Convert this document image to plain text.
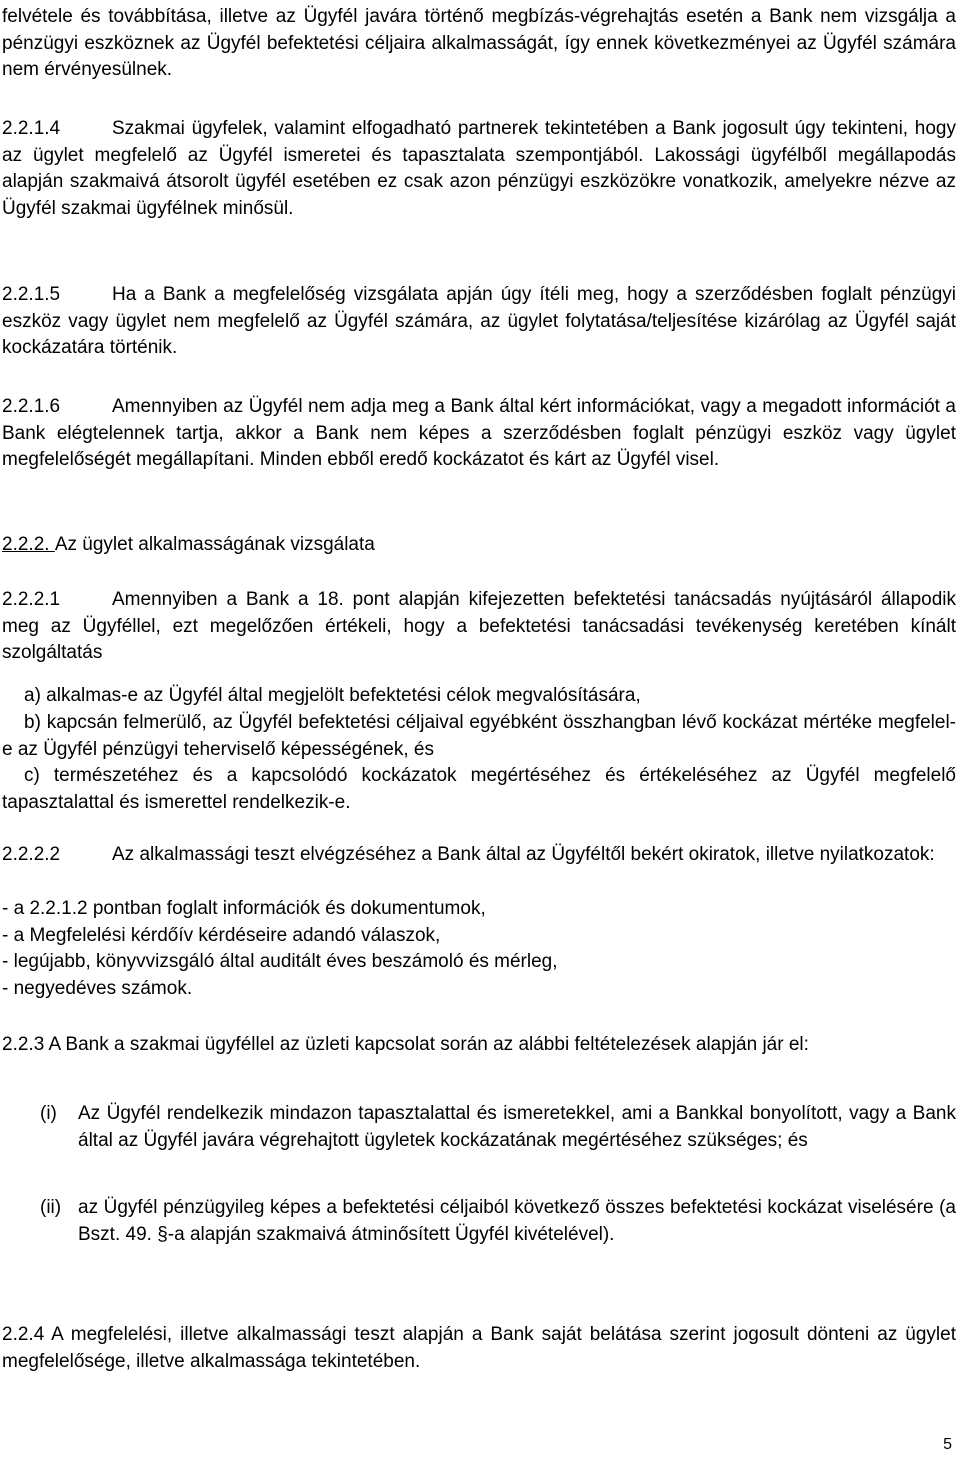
felvétele és továbbítása, illetve az Ügyfél javára történő megbízás-végrehajtás esetén a Bank nem vizsgálja a pénzügyi eszköznek az Ügyfél befektetési céljaira alkalmasságát, így ennek következményei az Ügyfél számára nem érvényesülnek.

2.2.1.4	Szakmai ügyfelek, valamint elfogadható partnerek tekintetében a Bank jogosult úgy tekinteni, hogy az ügylet megfelelő az Ügyfél ismeretei és tapasztalata szempontjából. Lakossági ügyfélből megállapodás alapján szakmaivá átsorolt ügyfél esetében ez csak azon pénzügyi eszközökre vonatkozik, amelyekre nézve az Ügyfél szakmai ügyfélnek minősül.

2.2.1.5	Ha a Bank a megfelelőség vizsgálata apján úgy ítéli meg, hogy a szerződésben foglalt pénzügyi eszköz vagy ügylet nem megfelelő az Ügyfél számára, az ügylet folytatása/teljesítése kizárólag az Ügyfél saját kockázatára történik.

2.2.1.6	Amennyiben az Ügyfél nem adja meg a Bank által kért információkat, vagy a megadott információt a Bank elégtelennek tartja, akkor a Bank nem képes a szerződésben foglalt pénzügyi eszköz vagy ügylet megfelelőségét megállapítani. Minden ebből eredő kockázatot és kárt az Ügyfél visel.

2.2.2. Az ügylet alkalmasságának vizsgálata

2.2.2.1	Amennyiben a Bank a 18. pont alapján kifejezetten befektetési tanácsadás nyújtásáról állapodik meg az Ügyféllel, ezt megelőzően értékeli, hogy a befektetési tanácsadási tevékenység keretében kínált szolgáltatás

a) alkalmas-e az Ügyfél által megjelölt befektetési célok megvalósítására,

b) kapcsán felmerülő, az Ügyfél befektetési céljaival egyébként összhangban lévő kockázat mértéke megfelel-e az Ügyfél pénzügyi teherviselő képességének, és

c) természetéhez és a kapcsolódó kockázatok megértéséhez és értékeléséhez az Ügyfél megfelelő tapasztalattal és ismerettel rendelkezik-e.

2.2.2.2	Az alkalmassági teszt elvégzéséhez a Bank által az Ügyféltől bekért okiratok, illetve nyilatkozatok:

- a 2.2.1.2 pontban foglalt információk és dokumentumok,
- a Megfelelési kérdőív kérdéseire adandó válaszok,
- legújabb, könyvvizsgáló által auditált éves beszámoló és mérleg,
- negyedéves számok.

2.2.3 A Bank a szakmai ügyféllel az üzleti kapcsolat során az alábbi feltételezések alapján jár el:

(i) Az Ügyfél rendelkezik mindazon tapasztalattal és ismeretekkel, ami a Bankkal bonyolított, vagy a Bank által az Ügyfél javára végrehajtott ügyletek kockázatának megértéséhez szükséges; és
(ii) az Ügyfél pénzügyileg képes a befektetési céljaiból következő összes befektetési kockázat viselésére (a Bszt. 49. §-a alapján szakmaivá átminősített Ügyfél kivételével).

2.2.4 A megfelelési, illetve alkalmassági teszt alapján a Bank saját belátása szerint jogosult dönteni az ügylet megfelelősége, illetve alkalmassága tekintetében.

5
